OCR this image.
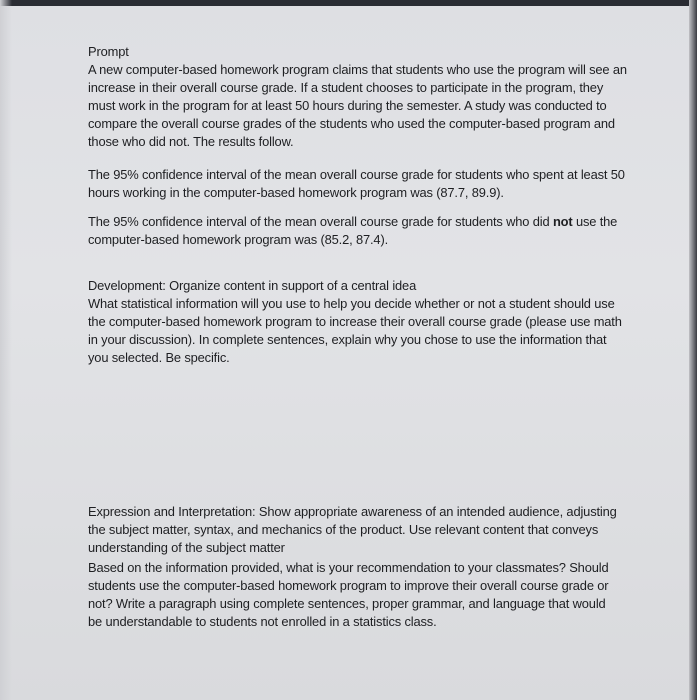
Prompt

A new computer-based homework program claims that students who use the program will see an increase in their overall course grade. If a student chooses to participate in the program, they must work in the program for at least 50 hours during the semester. A study was conducted to compare the overall course grades of the students who used the computer-based program and those who did not. The results follow.

The 95% confidence interval of the mean overall course grade for students who spent at least 50 hours working in the computer-based homework program was (87.7, 89.9).

The 95% confidence interval of the mean overall course grade for students who did not use the computer-based homework program was (85.2, 87.4).

Development: Organize content in support of a central idea

What statistical information will you use to help you decide whether or not a student should use the computer-based homework program to increase their overall course grade (please use math in your discussion). In complete sentences, explain why you chose to use the information that you selected. Be specific.

Expression and Interpretation: Show appropriate awareness of an intended audience, adjusting the subject matter, syntax, and mechanics of the product. Use relevant content that conveys understanding of the subject matter

Based on the information provided, what is your recommendation to your classmates? Should students use the computer-based homework program to improve their overall course grade or not? Write a paragraph using complete sentences, proper grammar, and language that would be understandable to students not enrolled in a statistics class.
